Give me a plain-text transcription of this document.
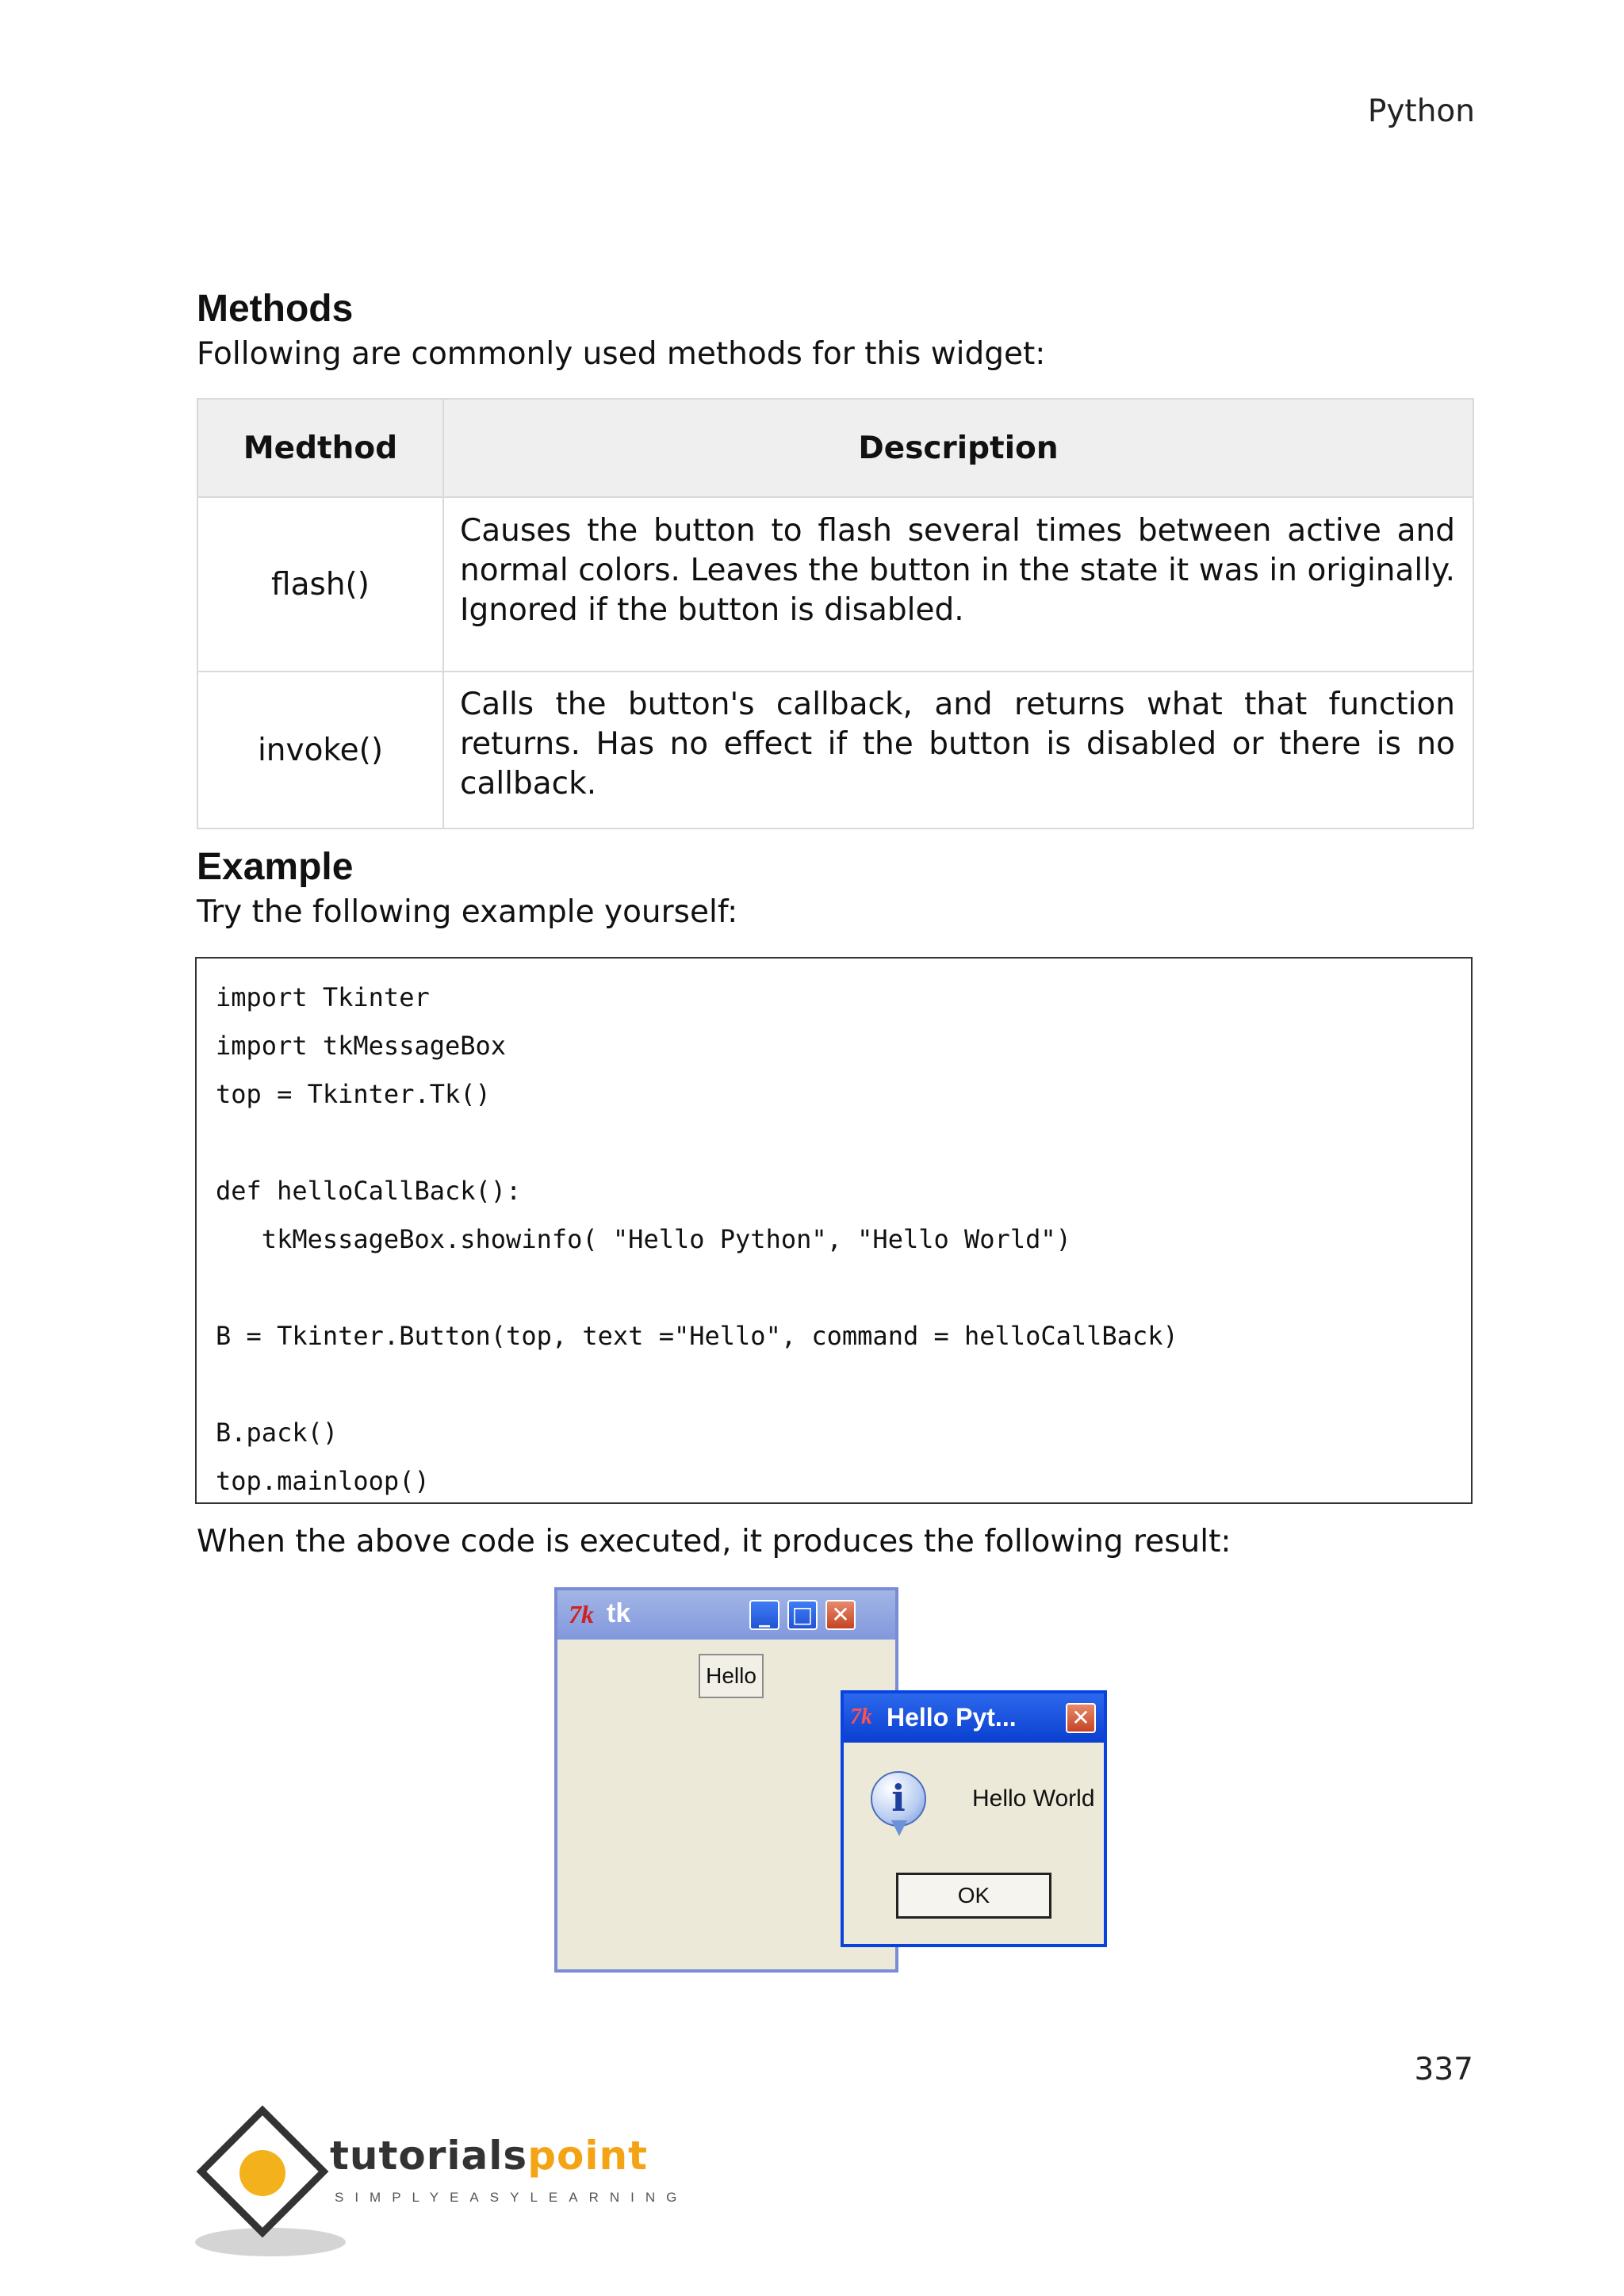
Python
Methods
Following are commonly used methods for this widget:
Medthod	Description
flash()	Causes the button to flash several times between active and normal colors. Leaves the button in the state it was in originally. Ignored if the button is disabled.
invoke()	Calls the button's callback, and returns what that function returns. Has no effect if the button is disabled or there is no callback.
Example
Try the following example yourself:
import Tkinter
import tkMessageBox
top = Tkinter.Tk()
def helloCallBack():
tkMessageBox.showinfo( "Hello Python", "Hello World")
B = Tkinter.Button(top, text ="Hello", command = helloCallBack)
B.pack()
top.mainloop()
When the above code is executed, it produces the following result:
7k tk	_ □ ✕
Hello
7k Hello Pyt... ✕
i	Hello World
OK
337
tutorialspoint
SIMPLYEASYLEARNING
